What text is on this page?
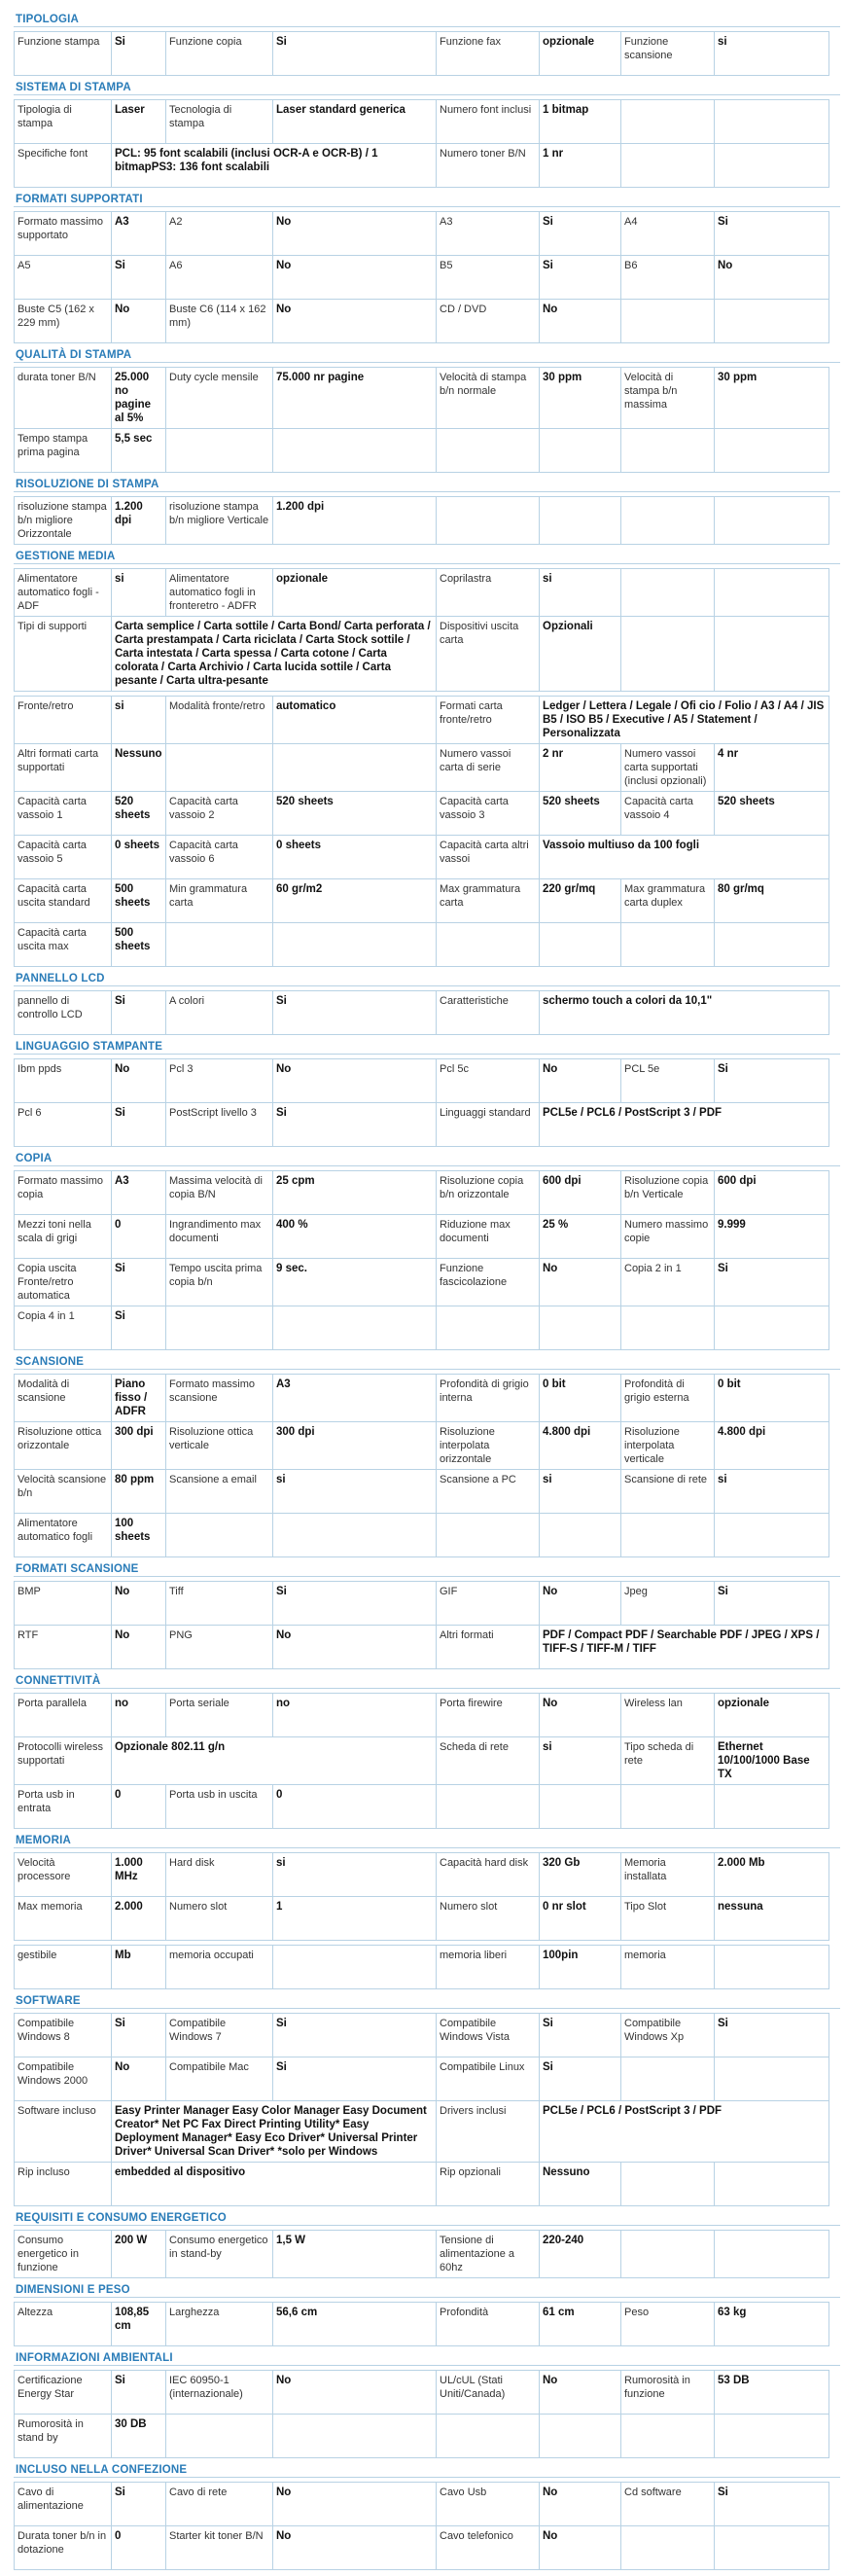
TIPOLOGIA
Funzione stampa	Si	Funzione copia	Si	Funzione fax	opzionale	Funzione scansione	si
SISTEMA DI STAMPA
Tipologia di stampa	Laser	Tecnologia di stampa	Laser standard generica	Numero font inclusi	1 bitmap		
Specifiche font	PCL: 95 font scalabili (inclusi OCR-A e OCR-B) / 1 bitmapPS3: 136 font scalabili			Numero toner B/N	1 nr		
FORMATI SUPPORTATI
Formato massimo supportato	A3	A2	No	A3	Si	A4	Si
A5	Si	A6	No	B5	Si	B6	No
Buste C5 (162 x 229 mm)	No	Buste C6 (114 x 162 mm)	No	CD / DVD	No		
QUALITÀ DI STAMPA
durata toner B/N	25.000 no pagine al 5%	Duty cycle mensile	75.000 nr pagine	Velocità di stampa b/n normale	30 ppm	Velocità di stampa b/n massima	30 ppm
Tempo stampa prima pagina	5,5 sec						
RISOLUZIONE DI STAMPA
risoluzione stampa b/n migliore Orizzontale	1.200 dpi	risoluzione stampa b/n migliore Verticale	1.200 dpi				
GESTIONE MEDIA
Alimentatore automatico fogli - ADF	si	Alimentatore automatico fogli in fronteretro - ADFR	opzionale	Coprilastra	si		
Tipi di supporti	Carta semplice / Carta sottile / Carta Bond/ Carta perforata / Carta prestampata / Carta riciclata / Carta Stock sottile / Carta intestata / Carta spessa / Carta cotone / Carta colorata / Carta Archivio / Carta lucida sottile / Carta pesante / Carta ultra-pesante			Dispositivi uscita carta	Opzionali		
Fronte/retro	si	Modalità fronte/retro	automatico	Formati carta fronte/retro	Ledger / Lettera / Legale / Ofi cio / Folio / A3 / A4 / JIS B5 / ISO B5 / Executive / A5 / Statement / Personalizzata		
Altri formati carta supportati	Nessuno			Numero vassoi carta di serie	2 nr	Numero vassoi carta supportati (inclusi opzionali)	4 nr
Capacità carta vassoio 1	520 sheets	Capacità carta vassoio 2	520 sheets	Capacità carta vassoio 3	520 sheets	Capacità carta vassoio 4	520 sheets
Capacità carta vassoio 5	0 sheets	Capacità carta vassoio 6	0 sheets	Capacità carta altri vassoi	Vassoio multiuso da 100 fogli		
Capacità carta uscita standard	500 sheets	Min grammatura carta	60 gr/m2	Max grammatura carta	220 gr/mq	Max grammatura carta duplex	80 gr/mq
Capacità carta uscita max	500 sheets						
PANNELLO LCD
pannello di controllo LCD	Si	A colori	Si	Caratteristiche	schermo touch a colori da 10,1"
LINGUAGGIO STAMPANTE
Ibm ppds	No	Pcl 3	No	Pcl 5c	No	PCL 5e	Si
Pcl 6	Si	PostScript livello 3	Si	Linguaggi standard	PCL5e / PCL6 / PostScript 3 / PDF		
COPIA
Formato massimo copia	A3	Massima velocità di copia B/N	25 cpm	Risoluzione copia b/n orizzontale	600 dpi	Risoluzione copia b/n Verticale	600 dpi
Mezzi toni nella scala di grigi	0	Ingrandimento max documenti	400 %	Riduzione max documenti	25 %	Numero massimo copie	9.999
Copia uscita Fronte/retro automatica	Si	Tempo uscita prima copia b/n	9 sec.	Funzione fascicolazione	No	Copia 2 in 1	Si
Copia 4 in 1	Si						
SCANSIONE
Modalità di scansione	Piano fisso / ADFR	Formato massimo scansione	A3	Profondità di grigio interna	0 bit	Profondità di grigio esterna	0 bit
Risoluzione ottica orizzontale	300 dpi	Risoluzione ottica verticale	300 dpi	Risoluzione interpolata orizzontale	4.800 dpi	Risoluzione interpolata verticale	4.800 dpi
Velocità scansione b/n	80 ppm	Scansione a email	si	Scansione a PC	si	Scansione di rete	si
Alimentatore automatico fogli	100 sheets						
FORMATI SCANSIONE
BMP	No	Tiff	Si	GIF	No	Jpeg	Si
RTF	No	PNG	No	Altri formati	PDF / Compact PDF / Searchable PDF / JPEG / XPS / TIFF-S / TIFF-M / TIFF		
CONNETTIVITÀ
Porta parallela	no	Porta seriale	no	Porta firewire	No	Wireless lan	opzionale
Protocolli wireless supportati	Opzionale 802.11 g/n			Scheda di rete	si	Tipo scheda di rete	Ethernet 10/100/1000 Base TX
Porta usb in entrata	0	Porta usb in uscita	0				
MEMORIA
Velocità processore	1.000 MHz	Hard disk	si	Capacità hard disk	320 Gb	Memoria installata	2.000 Mb
Max memoria	2.000	Numero slot	1	Numero slot	0 nr slot	Tipo Slot	nessuna
gestibile	Mb	memoria occupati		memoria liberi	100pin	memoria	
SOFTWARE
Compatibile Windows 8	Si	Compatibile Windows 7	Si	Compatibile Windows Vista	Si	Compatibile Windows Xp	Si
Compatibile Windows 2000	No	Compatibile Mac	Si	Compatibile Linux	Si		
Software incluso	Easy Printer Manager Easy Color Manager Easy Document Creator* Net PC Fax Direct Printing Utility* Easy Deployment Manager* Easy Eco Driver* Universal Printer Driver* Universal Scan Driver* *solo per Windows			Drivers inclusi	PCL5e / PCL6 / PostScript 3 / PDF		
Rip incluso	embedded al dispositivo			Rip opzionali	Nessuno		
REQUISITI E CONSUMO ENERGETICO
Consumo energetico in funzione	200 W	Consumo energetico in stand-by	1,5 W	Tensione di alimentazione a 60hz	220-240		
DIMENSIONI E PESO
Altezza	108,85 cm	Larghezza	56,6 cm	Profondità	61 cm	Peso	63 kg
INFORMAZIONI AMBIENTALI
Certificazione Energy Star	Si	IEC 60950-1 (internazionale)	No	UL/cUL (Stati Uniti/Canada)	No	Rumorosità in funzione	53 DB
Rumorosità in stand by	30 DB						
INCLUSO NELLA CONFEZIONE
Cavo di alimentazione	Si	Cavo di rete	No	Cavo Usb	No	Cd software	Si
Durata toner b/n in dotazione	0	Starter kit toner B/N	No	Cavo telefonico	No		
